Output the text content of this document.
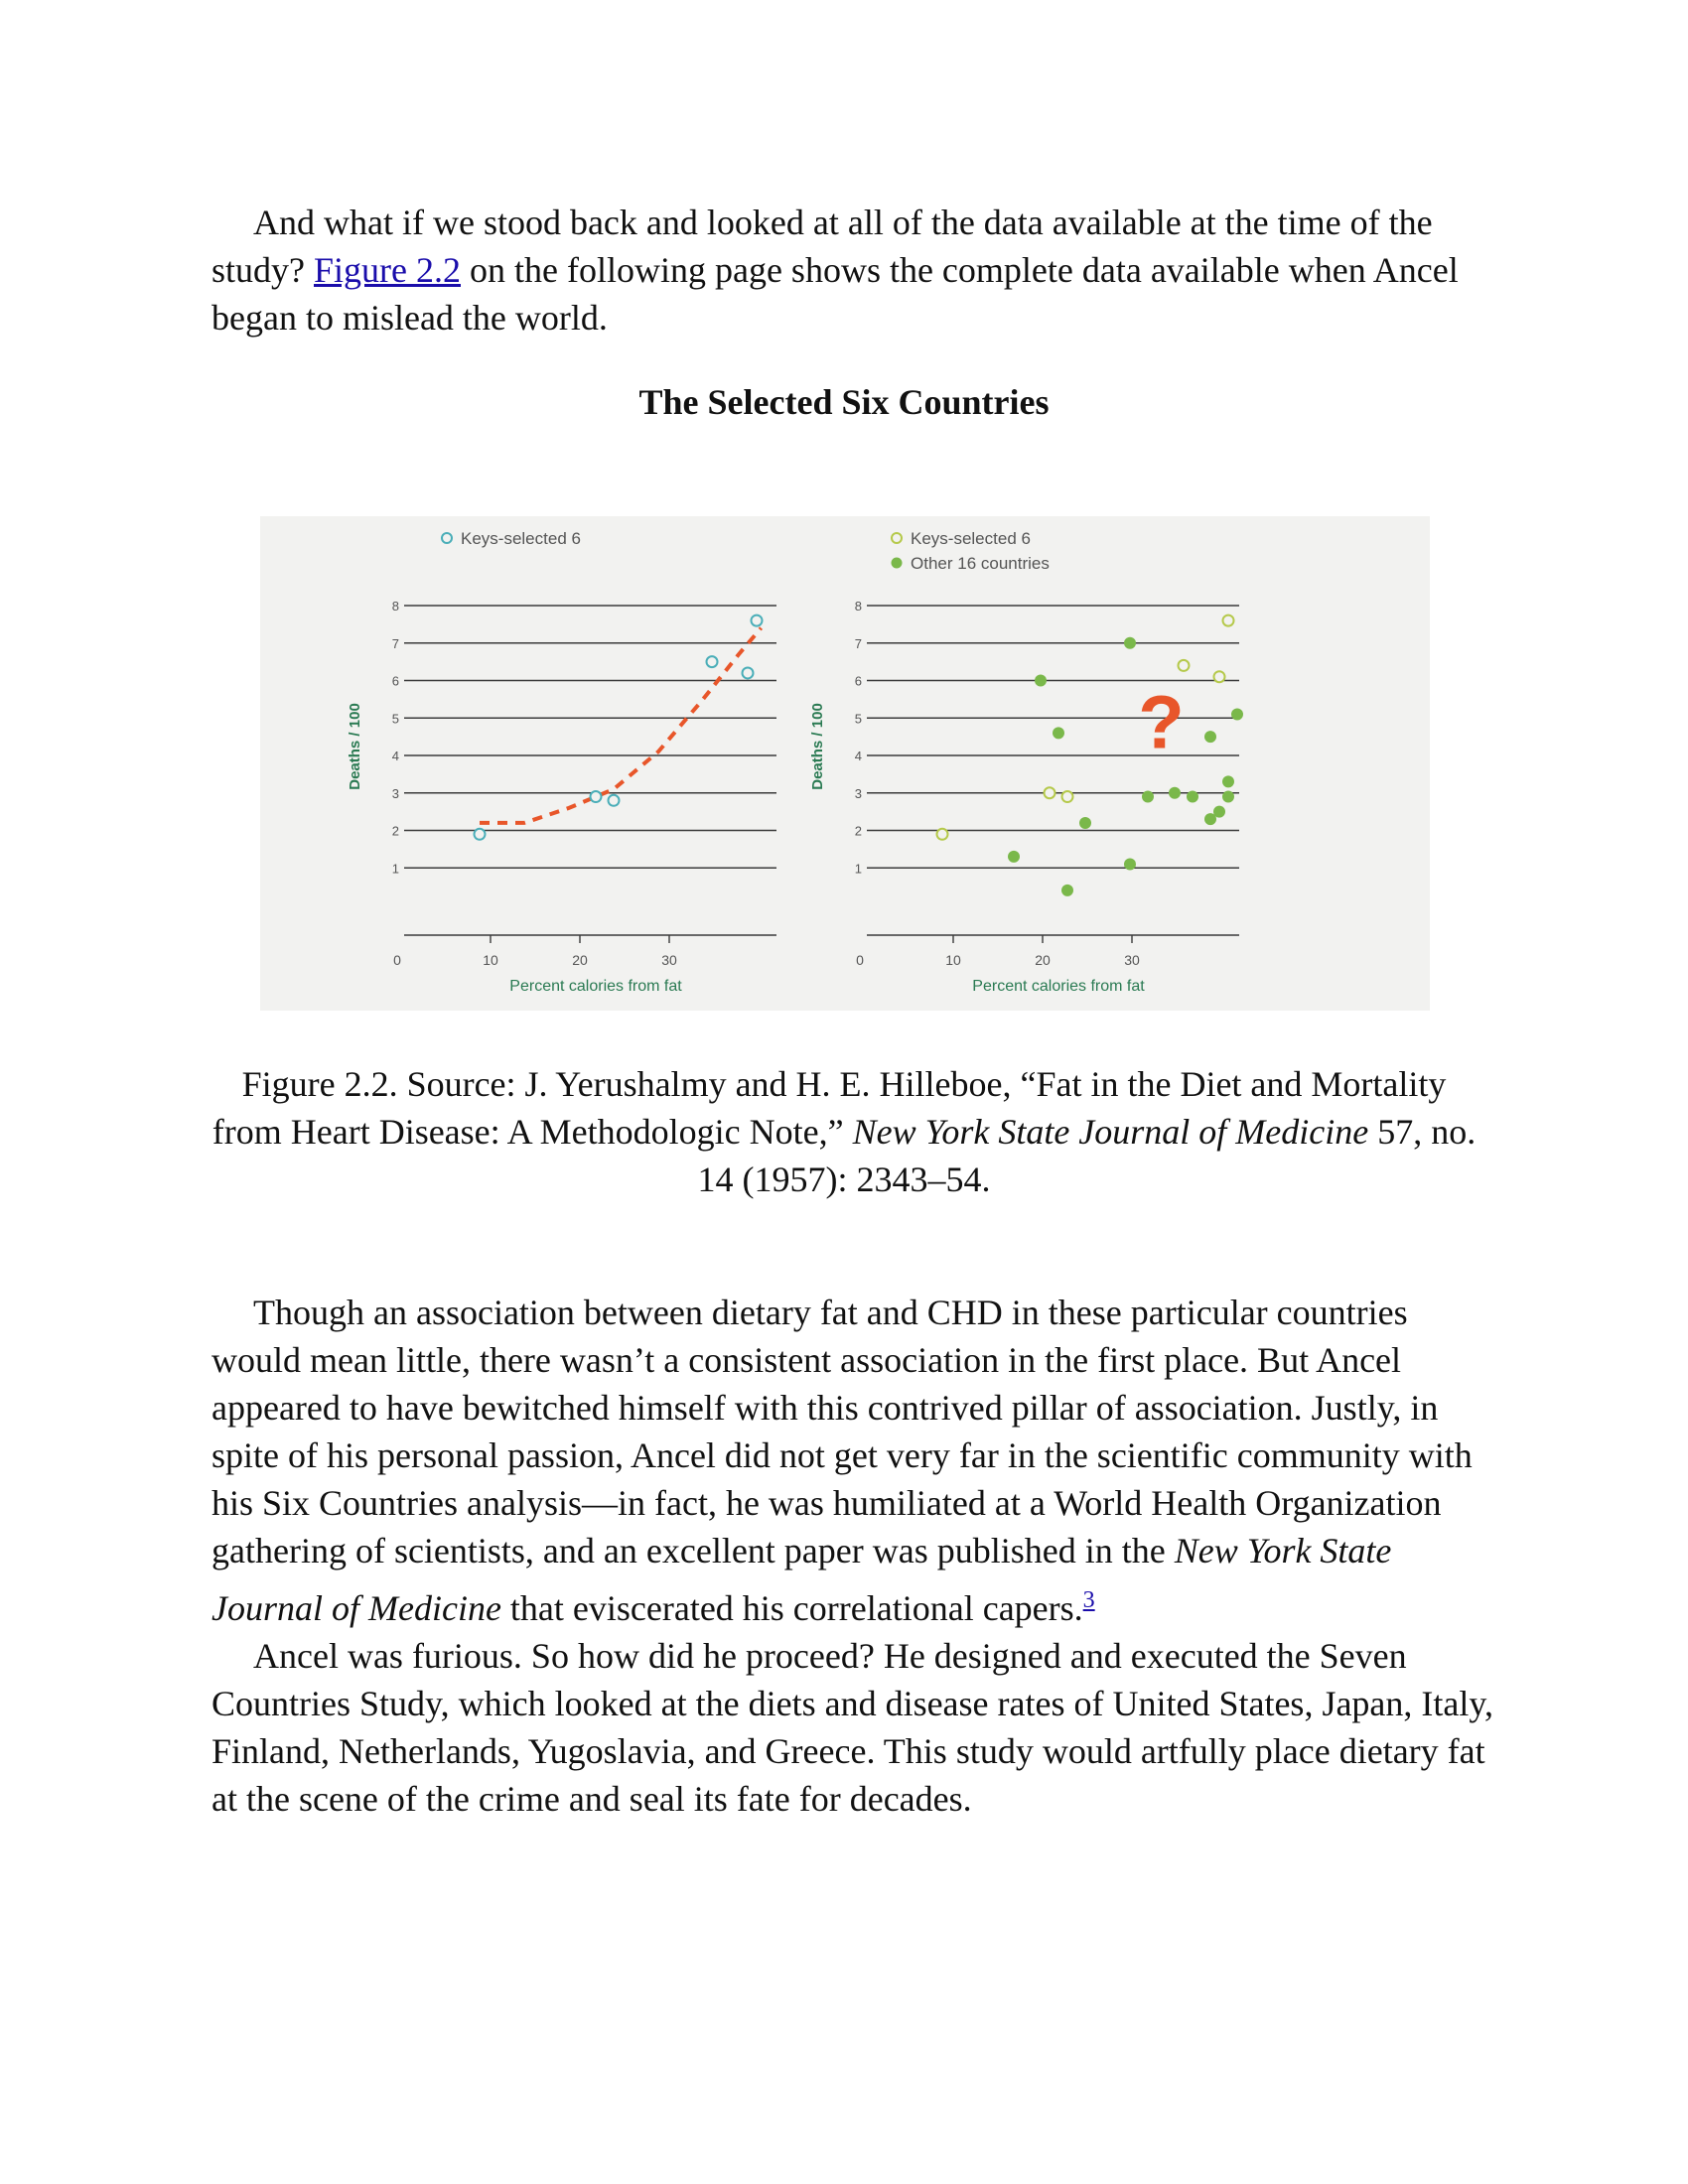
And what if we stood back and looked at all of the data available at the time of the study? Figure 2.2 on the following page shows the complete data available when Ancel began to mislead the world.

The Selected Six Countries
1
2
3
4
5
6
7
8
0	10	20	30
Percent calories from fat
Deaths / 100
Keys-selected 6
1
2
3
4
5
6
7
8
0	10	20	30
Percent calories from fat
Deaths / 100
Keys-selected 6
Other 16 countries
?
Figure 2.2. Source: J. Yerushalmy and H. E. Hilleboe, “Fat in the Diet and Mortality from Heart Disease: A Methodologic Note,” New York State Journal of Medicine 57, no. 14 (1957): 2343–54.

Though an association between dietary fat and CHD in these particular countries would mean little, there wasn’t a consistent association in the first place. But Ancel appeared to have bewitched himself with this contrived pillar of association. Justly, in spite of his personal passion, Ancel did not get very far in the scientific community with his Six Countries analysis—in fact, he was humiliated at a World Health Organization gathering of scientists, and an excellent paper was published in the New York State Journal of Medicine that eviscerated his correlational capers.$^3$

Ancel was furious. So how did he proceed? He designed and executed the Seven Countries Study, which looked at the diets and disease rates of United States, Japan, Italy, Finland, Netherlands, Yugoslavia, and Greece. This study would artfully place dietary fat at the scene of the crime and seal its fate for decades.
